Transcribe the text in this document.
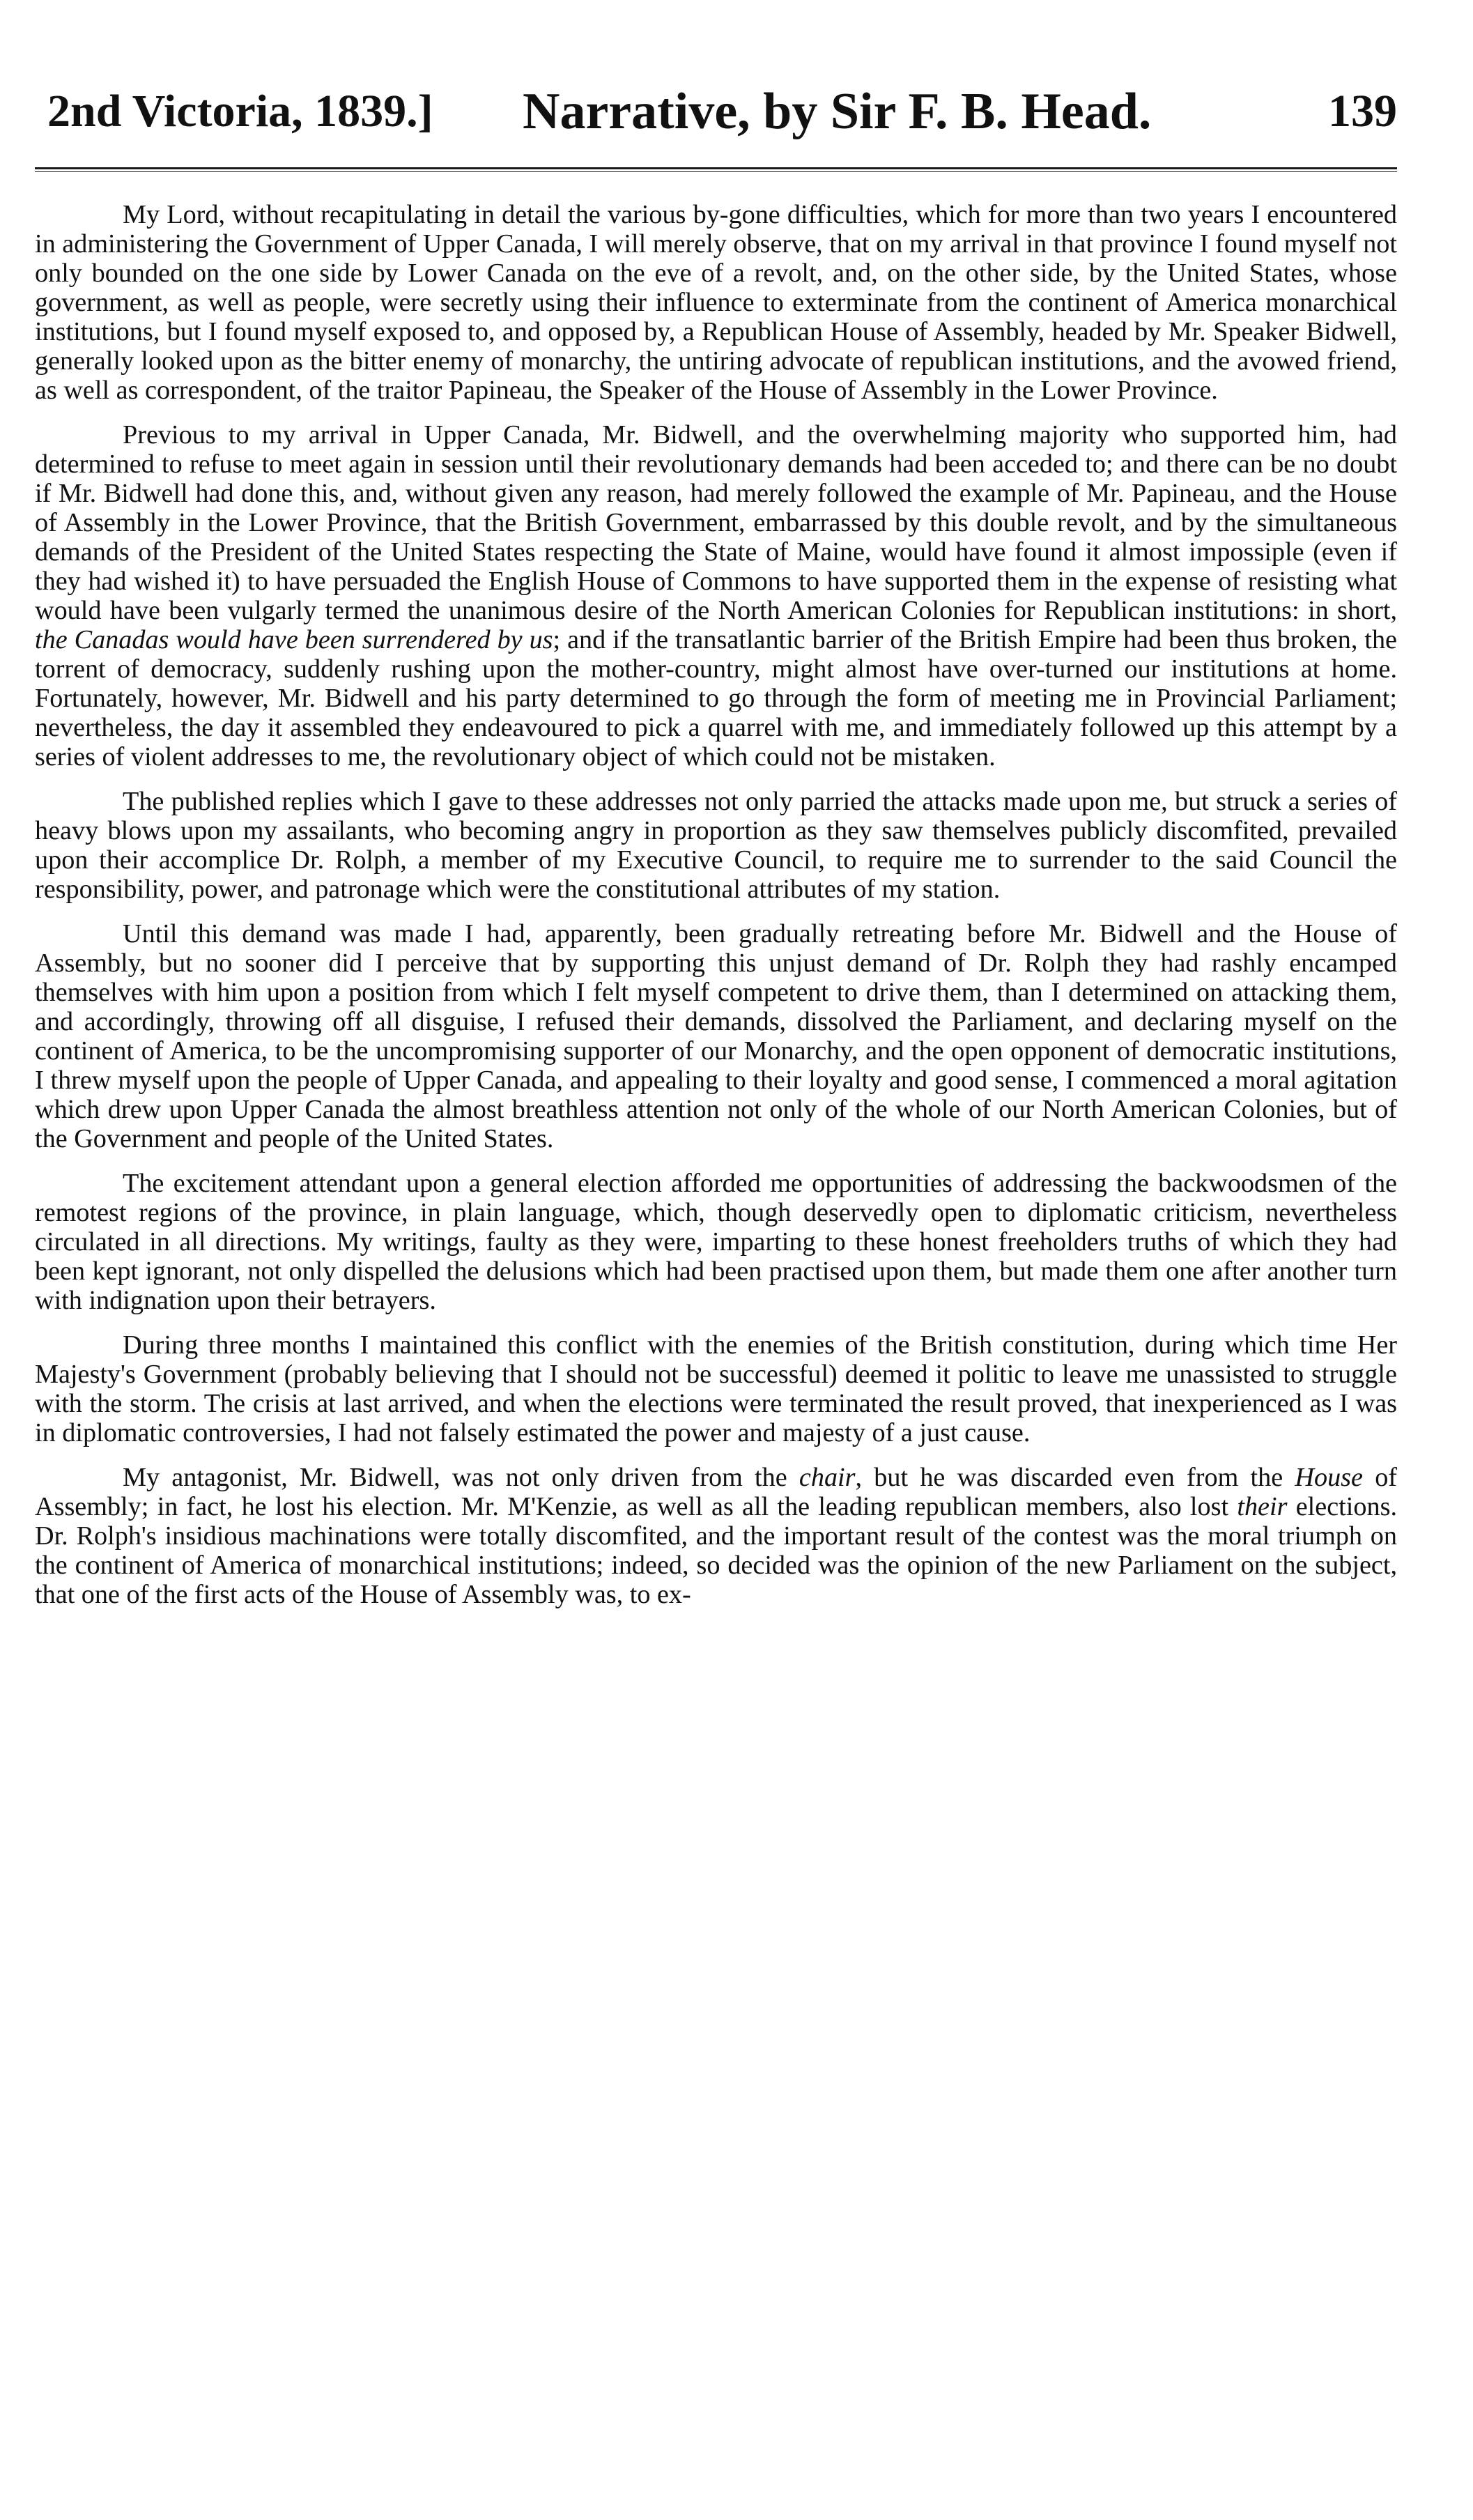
2nd Victoria, 1839.] Narrative, by Sir F. B. Head.	139

My Lord, without recapitulating in detail the various by-gone difficulties, which for more than two years I encountered in administering the Government of Upper Canada, I will merely observe, that on my arrival in that province I found myself not only bounded on the one side by Lower Canada on the eve of a revolt, and, on the other side, by the United States, whose government, as well as people, were secretly using their influence to exterminate from the continent of America monarchical institutions, but I found myself exposed to, and opposed by, a Republican House of Assembly, headed by Mr. Speaker Bidwell, generally looked upon as the bitter enemy of monarchy, the untiring advocate of republican institutions, and the avowed friend, as well as correspondent, of the traitor Papineau, the Speaker of the House of Assembly in the Lower Province.

Previous to my arrival in Upper Canada, Mr. Bidwell, and the overwhelming majority who supported him, had determined to refuse to meet again in session until their revolutionary demands had been acceded to; and there can be no doubt if Mr. Bidwell had done this, and, without given any reason, had merely followed the example of Mr. Papineau, and the House of Assembly in the Lower Province, that the British Government, embarrassed by this double revolt, and by the simultaneous demands of the President of the United States respecting the State of Maine, would have found it almost impossiple (even if they had wished it) to have persuaded the English House of Commons to have supported them in the expense of resisting what would have been vulgarly termed the unanimous desire of the North American Colonies for Republican institutions: in short, the Canadas would have been surrendered by us; and if the transatlantic barrier of the British Empire had been thus broken, the torrent of democracy, suddenly rushing upon the mother-country, might almost have over-turned our institutions at home. Fortunately, however, Mr. Bidwell and his party determined to go through the form of meeting me in Provincial Parliament; nevertheless, the day it assembled they endeavoured to pick a quarrel with me, and immediately followed up this attempt by a series of violent addresses to me, the revolutionary object of which could not be mistaken.

The published replies which I gave to these addresses not only parried the attacks made upon me, but struck a series of heavy blows upon my assailants, who becoming angry in proportion as they saw themselves publicly discomfited, prevailed upon their accomplice Dr. Rolph, a member of my Executive Council, to require me to surrender to the said Council the responsibility, power, and patronage which were the constitutional attributes of my station.

Until this demand was made I had, apparently, been gradually retreating before Mr. Bidwell and the House of Assembly, but no sooner did I perceive that by supporting this unjust demand of Dr. Rolph they had rashly encamped themselves with him upon a position from which I felt myself competent to drive them, than I determined on attacking them, and accordingly, throwing off all disguise, I refused their demands, dissolved the Parliament, and declaring myself on the continent of America, to be the uncompromising supporter of our Monarchy, and the open opponent of democratic institutions, I threw myself upon the people of Upper Canada, and appealing to their loyalty and good sense, I commenced a moral agitation which drew upon Upper Canada the almost breathless attention not only of the whole of our North American Colonies, but of the Government and people of the United States.

The excitement attendant upon a general election afforded me opportunities of addressing the backwoodsmen of the remotest regions of the province, in plain language, which, though deservedly open to diplomatic criticism, nevertheless circulated in all directions. My writings, faulty as they were, imparting to these honest freeholders truths of which they had been kept ignorant, not only dispelled the delusions which had been practised upon them, but made them one after another turn with indignation upon their betrayers.

During three months I maintained this conflict with the enemies of the British constitution, during which time Her Majesty's Government (probably believing that I should not be successful) deemed it politic to leave me unassisted to struggle with the storm. The crisis at last arrived, and when the elections were terminated the result proved, that inexperienced as I was in diplomatic controversies, I had not falsely estimated the power and majesty of a just cause.

My antagonist, Mr. Bidwell, was not only driven from the chair, but he was discarded even from the House of Assembly; in fact, he lost his election. Mr. M'Kenzie, as well as all the leading republican members, also lost their elections. Dr. Rolph's insidious machinations were totally discomfited, and the important result of the contest was the moral triumph on the continent of America of monarchical institutions; indeed, so decided was the opinion of the new Parliament on the subject, that one of the first acts of the House of Assembly was, to ex-
